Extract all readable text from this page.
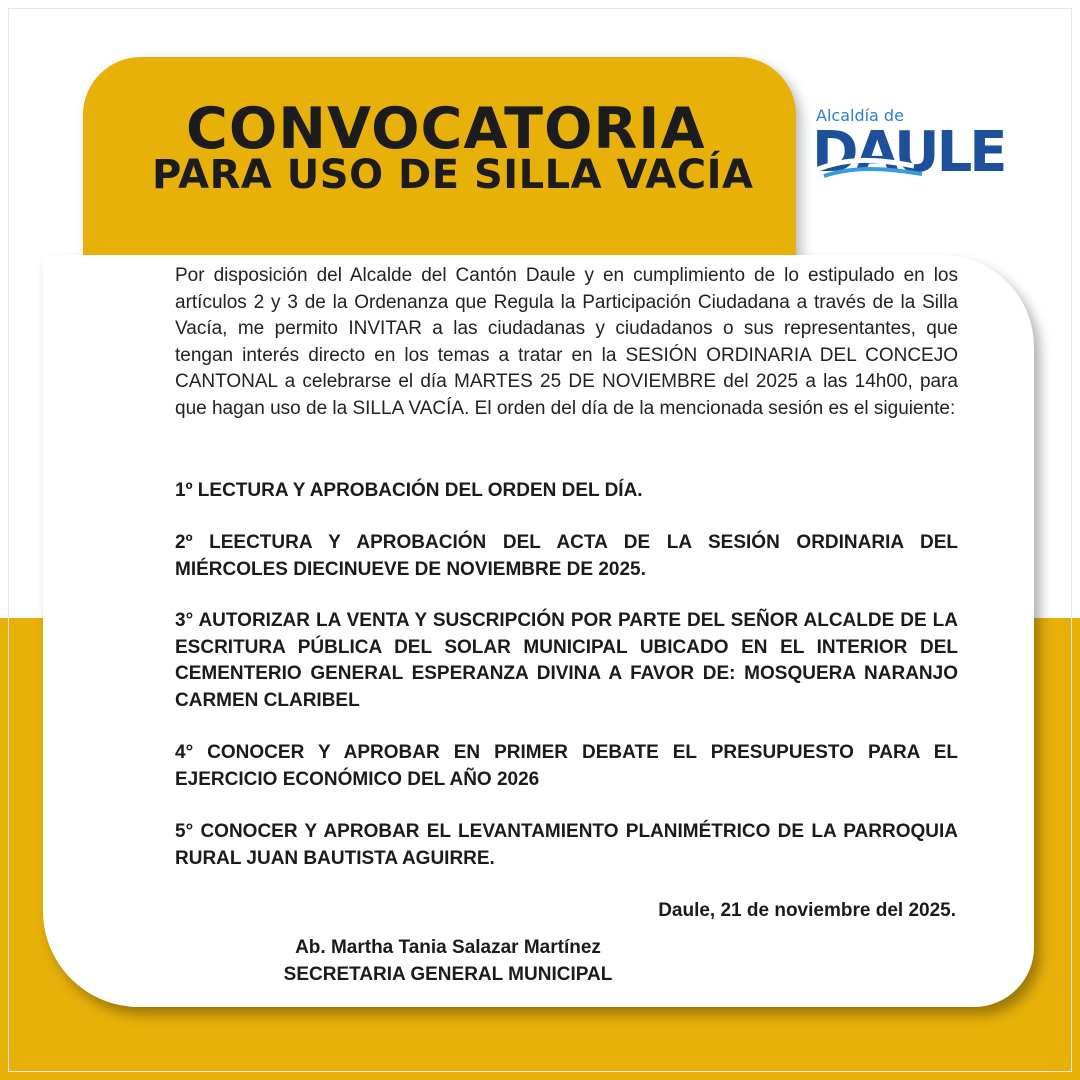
CONVOCATORIA
PARA USO DE SILLA VACÍA
Alcaldía de
DAULE
Por disposición del Alcalde del Cantón Daule y en cumplimiento de lo estipulado en los artículos 2 y 3 de la Ordenanza que Regula la Participación Ciudadana a través de la Silla Vacía, me permito INVITAR a las ciudadanas y ciudadanos o sus representantes, que tengan interés directo en los temas a tratar en la SESIÓN ORDINARIA DEL CONCEJO CANTONAL a celebrarse el día MARTES 25 DE NOVIEMBRE del 2025 a las 14h00, para que hagan uso de la SILLA VACÍA. El orden del día de la mencionada sesión es el siguiente:
1º LECTURA Y APROBACIÓN DEL ORDEN DEL DÍA.
2º LEECTURA Y APROBACIÓN DEL ACTA DE LA SESIÓN ORDINARIA DEL MIÉRCOLES DIECINUEVE DE NOVIEMBRE DE 2025.
3° AUTORIZAR LA VENTA Y SUSCRIPCIÓN POR PARTE DEL SEÑOR ALCALDE DE LA ESCRITURA PÚBLICA DEL SOLAR MUNICIPAL UBICADO EN EL INTERIOR DEL CEMENTERIO GENERAL ESPERANZA DIVINA A FAVOR DE: MOSQUERA NARANJO CARMEN CLARIBEL
4° CONOCER Y APROBAR EN PRIMER DEBATE EL PRESUPUESTO PARA EL EJERCICIO ECONÓMICO DEL AÑO 2026
5° CONOCER Y APROBAR EL LEVANTAMIENTO PLANIMÉTRICO DE LA PARROQUIA RURAL JUAN BAUTISTA AGUIRRE.
Daule, 21 de noviembre del 2025.
Ab. Martha Tania Salazar Martínez
SECRETARIA GENERAL MUNICIPAL
